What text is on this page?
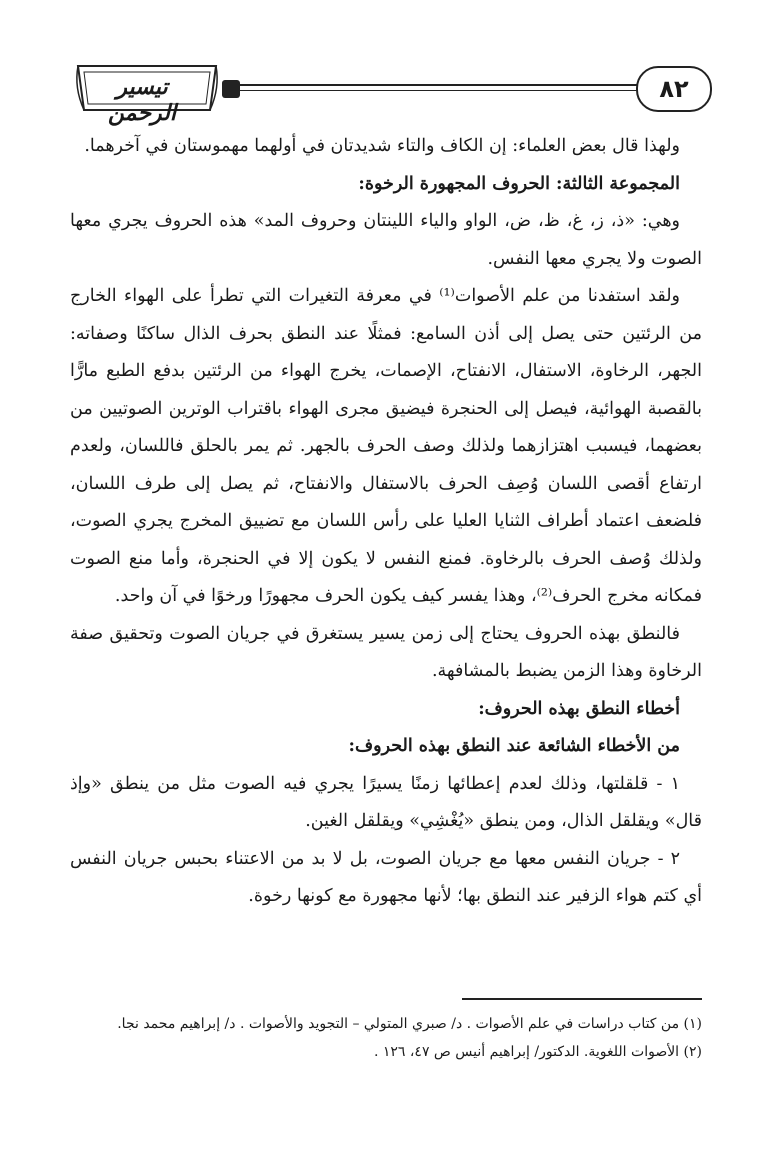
٨٢
تيسير الرحمن

ولهذا قال بعض العلماء: إن الكاف والتاء شديدتان في أولهما مهموستان في آخرهما.

المجموعة الثالثة: الحروف المجهورة الرخوة:

وهي: «ذ، ز، غ، ظ، ض، الواو والياء اللينتان وحروف المد» هذه الحروف يجري معها الصوت ولا يجري معها النفس.

ولقد استفدنا من علم الأصوات⁽¹⁾ في معرفة التغيرات التي تطرأ على الهواء الخارج من الرئتين حتى يصل إلى أذن السامع: فمثلًا عند النطق بحرف الذال ساكنًا وصفاته: الجهر، الرخاوة، الاستفال، الانفتاح، الإصمات، يخرج الهواء من الرئتين بدفع الطبع مارًّا بالقصبة الهوائية، فيصل إلى الحنجرة فيضيق مجرى الهواء باقتراب الوترين الصوتيين من بعضهما، فيسبب اهتزازهما ولذلك وصف الحرف بالجهر. ثم يمر بالحلق فاللسان، ولعدم ارتفاع أقصى اللسان وُصِف الحرف بالاستفال والانفتاح، ثم يصل إلى طرف اللسان، فلضعف اعتماد أطراف الثنايا العليا على رأس اللسان مع تضييق المخرج يجري الصوت، ولذلك وُصف الحرف بالرخاوة. فمنع النفس لا يكون إلا في الحنجرة، وأما منع الصوت فمكانه مخرج الحرف⁽²⁾، وهذا يفسر كيف يكون الحرف مجهورًا ورخوًا في آن واحد.

فالنطق بهذه الحروف يحتاج إلى زمن يسير يستغرق في جريان الصوت وتحقيق صفة الرخاوة وهذا الزمن يضبط بالمشافهة.

أخطاء النطق بهذه الحروف:

من الأخطاء الشائعة عند النطق بهذه الحروف:

١ - قلقلتها، وذلك لعدم إعطائها زمنًا يسيرًا يجري فيه الصوت مثل من ينطق «وإذ قال» ويقلقل الذال، ومن ينطق «يُغْشِي» ويقلقل الغين.

٢ - جريان النفس معها مع جريان الصوت، بل لا بد من الاعتناء بحبس جريان النفس أي كتم هواء الزفير عند النطق بها؛ لأنها مجهورة مع كونها رخوة.

(١) من كتاب دراسات في علم الأصوات . د/ صبري المتولي – التجويد والأصوات . د/ إبراهيم محمد نجا.

(٢) الأصوات اللغوية. الدكتور/ إبراهيم أنيس ص ٤٧، ١٢٦ .
